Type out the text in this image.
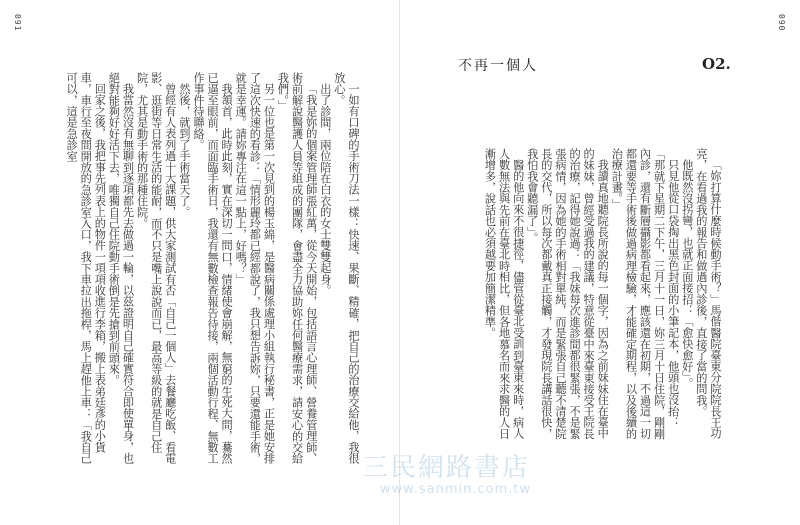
091	090

一如有口碑的手術刀法一樣：快速、果斷、精確，把自己的治療交給他，我很放心。

出了診間，兩位陪在白衣的女士雙雙起身。

「我是妳的個案管理師張紅萬，從今天開始，包括語言心理師、營養管理師、術前解說醫護人員等組成的團隊，會盡全力協助妳任何醫療需求，請安心的交給我們。」

另一位也是第一次見到的楊玉綿，是醫病關係處理小組執行秘書，正是她安排了這次快速的看診：「情形麗玲都已經都說了，我只想告訴妳，只要還能手術，就是幸運。請妳專注在這一點上，好嗎？」

我頷首，此時此刻，實在深切一問口，情緒使會崩解，無窮的生死大問，驀然已逼至眼前，而面臨手術日，我還有無數檢查報告待接，兩個活動行程、無數工作事件待聯絡。

然後，就到了手術當天了。

曾經有人表列過十大課題，供大家測試有否「自己一個人」去餐廳吃飯、看電影、逛街等日常生活的能耐，而不只是嘴上說說而已，最高等級的就是自己住院，尤其是動手術的那種住院。

我當然沒有無聊到逐項都先去做過一輪，以茲證明自己確實符合即使單身，也絕對能夠好好活下去，唯獨自己住院動手術倒是先搶到前頭來。

回家之後，我把事先列表上的物件一項項收進行李箱，搬上表弟廷彥的小貨車，車行至夜間開放的急診室入口，我下車拉出拖桿，馬上趕他上車：「我自己可以，這是急診室

不再一個人	O2.

「妳打算什麼時候動手術？」馬偕醫院臺東分院院長王功亮，在看過我的報告和做過內診後，直接了當的問我。

他既然沒拐彎，也就正面接招：「愈快愈好」。

只見他從口袋掏出黑色封面的小筆記本，他頭也沒抬：「那就下星期二下午，三月十一日，妳三月十日住院，剛剛內診，還有斷層攝影都看起來，應該還在初期，不過這一切都還要等手術後做過病理檢驗，才能確定期程，以及後續的治療計畫。」

我讀真地聽院長所說的每一個字，因為之前妹妹住在臺中的妹妹，曾經受過我的建議，特意從臺中來臺東接受王院長的治療，記得她說過：「我妹每次進診間都很緊張，不是緊張病情，因為她的手術相對單純，而是緊張自己聽不清楚院長的交代，所以每次都戴真正接觸，才發現院長講話很快，我怕我會聽漏了」。

醫的他向來不很捷徑，儘管從臺北受訓到臺東來時，病人人數無法與先前在臺北時相比，但各地慕名而來求醫的人日漸增多，說話也必須越要加簡潔精準。

三民網路書店
www.sanmin.com.tw
